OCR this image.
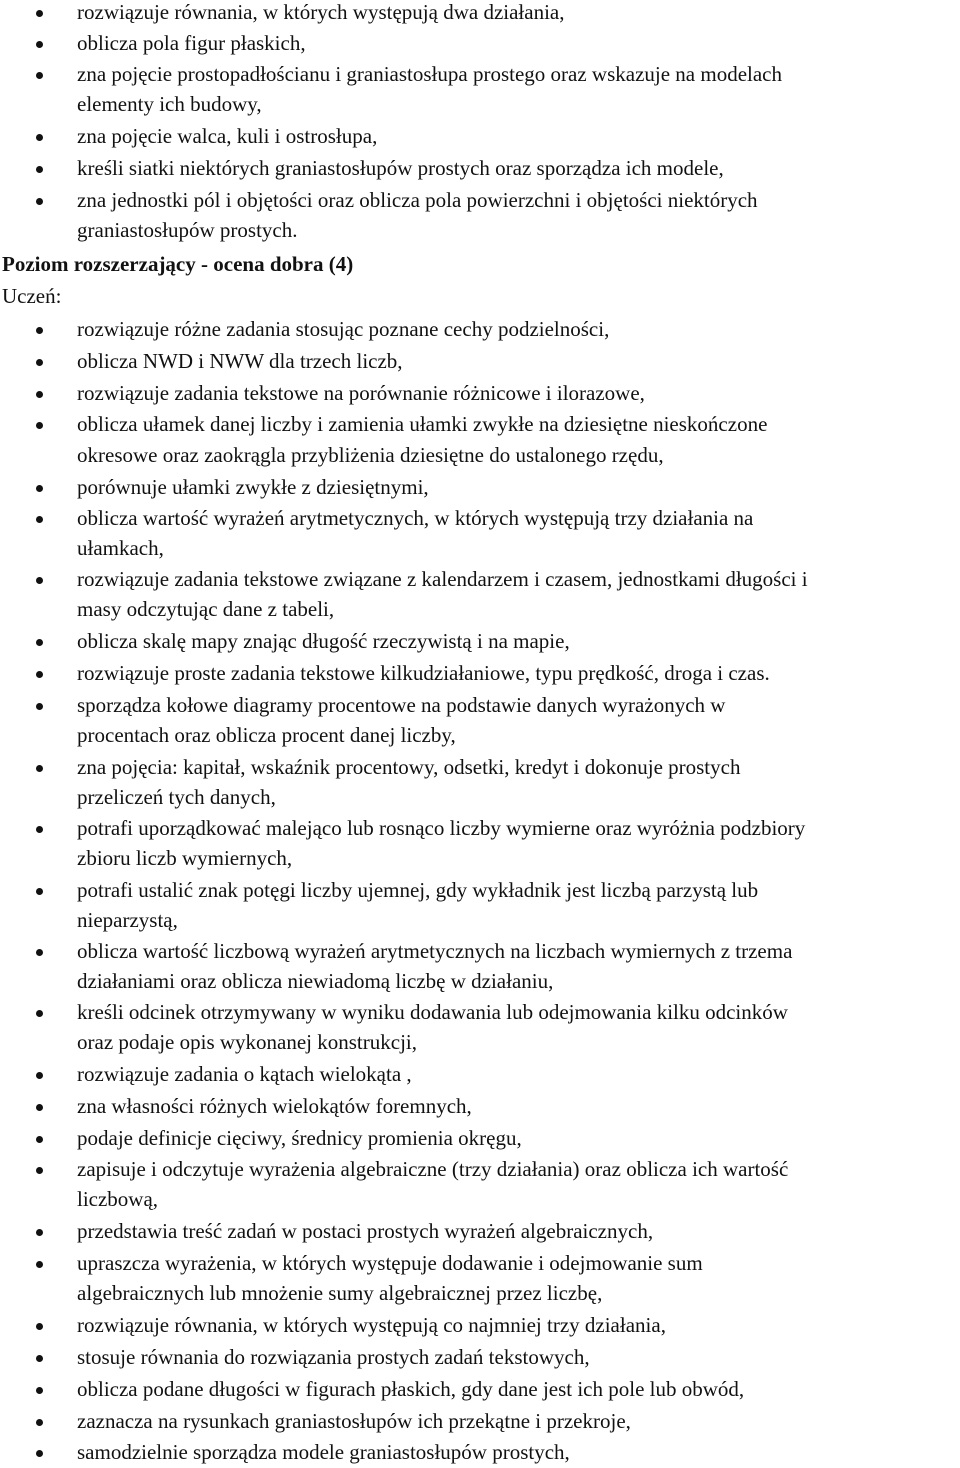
rozwiązuje równania, w których występują dwa działania,
oblicza pola figur płaskich,
zna pojęcie prostopadłościanu i graniastosłupa prostego oraz wskazuje na modelach
elementy ich budowy,
zna pojęcie walca, kuli i ostrosłupa,
kreśli siatki niektórych graniastosłupów prostych oraz sporządza ich modele,
zna jednostki pól i objętości oraz oblicza pola powierzchni i objętości niektórych
graniastosłupów prostych.
Poziom rozszerzający - ocena dobra (4)
Uczeń:
rozwiązuje różne zadania stosując poznane cechy podzielności,
oblicza NWD i NWW dla trzech liczb,
rozwiązuje zadania tekstowe na porównanie różnicowe i ilorazowe,
oblicza ułamek danej liczby i zamienia ułamki zwykłe na dziesiętne nieskończone
okresowe oraz zaokrągla przybliżenia dziesiętne do ustalonego rzędu,
porównuje ułamki zwykłe z dziesiętnymi,
oblicza wartość wyrażeń arytmetycznych, w których występują trzy działania na
ułamkach,
rozwiązuje zadania tekstowe związane z kalendarzem i czasem, jednostkami długości i
masy odczytując dane z tabeli,
oblicza skalę mapy znając długość rzeczywistą i na mapie,
rozwiązuje proste zadania tekstowe kilkudziałaniowe, typu prędkość, droga i czas.
sporządza kołowe diagramy procentowe na podstawie danych wyrażonych w
procentach oraz oblicza procent danej liczby,
zna pojęcia: kapitał, wskaźnik procentowy, odsetki, kredyt i dokonuje prostych
przeliczeń tych danych,
potrafi uporządkować malejąco lub rosnąco liczby wymierne oraz wyróżnia podzbiory
zbioru liczb wymiernych,
potrafi ustalić znak potęgi liczby ujemnej, gdy wykładnik jest liczbą parzystą lub
nieparzystą,
oblicza wartość liczbową wyrażeń arytmetycznych na liczbach wymiernych z trzema
działaniami oraz oblicza niewiadomą liczbę w działaniu,
kreśli odcinek otrzymywany w wyniku dodawania lub odejmowania kilku odcinków
oraz podaje opis wykonanej konstrukcji,
rozwiązuje zadania o kątach wielokąta ,
zna własności różnych wielokątów foremnych,
podaje definicje cięciwy, średnicy promienia okręgu,
zapisuje i odczytuje wyrażenia algebraiczne (trzy działania) oraz oblicza ich wartość
liczbową,
przedstawia treść zadań w postaci prostych wyrażeń algebraicznych,
upraszcza wyrażenia, w których występuje dodawanie i odejmowanie sum
algebraicznych lub mnożenie sumy algebraicznej przez liczbę,
rozwiązuje równania, w których występują co najmniej trzy działania,
stosuje równania do rozwiązania prostych zadań tekstowych,
oblicza podane długości w figurach płaskich, gdy dane jest ich pole lub obwód,
zaznacza na rysunkach graniastosłupów ich przekątne i przekroje,
samodzielnie sporządza modele graniastosłupów prostych,
